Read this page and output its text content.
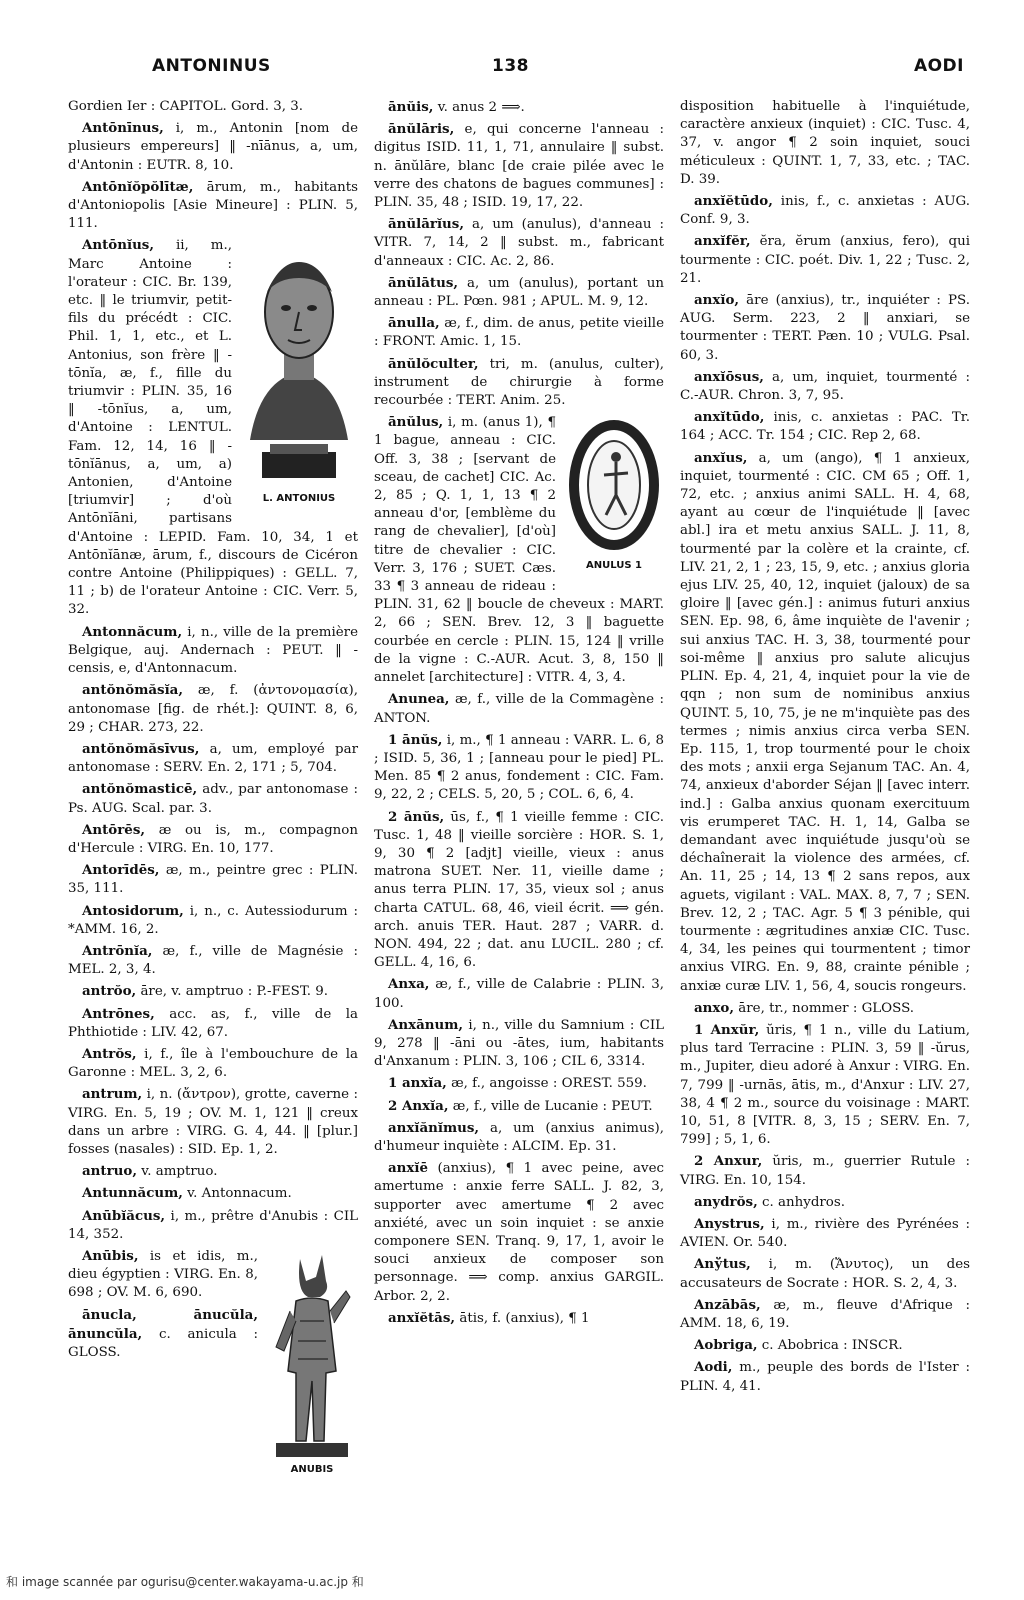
ANTONINUS	138	AODI

Gordien Ier : CAPITOL. Gord. 3, 3.

Antōnīnus, i, m., Antonin [nom de plusieurs empereurs] ‖ -nīānus, a, um, d'Antonin : EUTR. 8, 10.

Antōnĭŏpŏlītæ, ārum, m., habitants d'Antoniopolis [Asie Mineure] : PLIN. 5, 111.

L. ANTONIUS

Antōnĭus, ii, m., Marc Antoine : l'orateur : CIC. Br. 139, etc. ‖ le triumvir, petit-fils du précédt : CIC. Phil. 1, 1, etc., et L. Antonius, son frère ‖ -tōnĭa, æ, f., fille du triumvir : PLIN. 35, 16 ‖ -tōnĭus, a, um, d'Antoine : LENTUL. Fam. 12, 14, 16 ‖ -tōnĭānus, a, um, a) Antonien, d'Antoine [triumvir] ; d'où Antōnĭāni, partisans d'Antoine : LEPID. Fam. 10, 34, 1 et Antōnĭānæ, ārum, f., discours de Cicéron contre Antoine (Philippiques) : GELL. 7, 11 ; b) de l'orateur Antoine : CIC. Verr. 5, 32.

Antonnăcum, i, n., ville de la première Belgique, auj. Andernach : PEUT. ‖ -censis, e, d'Antonnacum.

antŏnŏmăsĭa, æ, f. (ἀντονομασία), antonomase [fig. de rhét.]: QUINT. 8, 6, 29 ; CHAR. 273, 22.

antŏnŏmăsīvus, a, um, employé par antonomase : SERV. En. 2, 171 ; 5, 704.

antŏnŏmasticē, adv., par antonomase : Ps. AUG. Scal. par. 3.

Antōrēs, æ ou is, m., compagnon d'Hercule : VIRG. En. 10, 177.

Antorīdēs, æ, m., peintre grec : PLIN. 35, 111.

Antosidorum, i, n., c. Autessiodurum : *AMM. 16, 2.

Antrōnĭa, æ, f., ville de Magnésie : MEL. 2, 3, 4.

antrŏo, āre, v. amptruo : P.-FEST. 9.

Antrōnes, acc. as, f., ville de la Phthiotide : LIV. 42, 67.

Antrŏs, i, f., île à l'embouchure de la Garonne : MEL. 3, 2, 6.

antrum, i, n. (ἄντρον), grotte, caverne : VIRG. En. 5, 19 ; OV. M. 1, 121 ‖ creux dans un arbre : VIRG. G. 4, 44. ‖ [plur.] fosses (nasales) : SID. Ep. 1, 2.

antruo, v. amptruo.

Antunnăcum, v. Antonnacum.

Anūbĭăcus, i, m., prêtre d'Anubis : CIL 14, 352.

ANUBIS

Anūbis, is et idis, m., dieu égyptien : VIRG. En. 8, 698 ; OV. M. 6, 690.

ānucla, ānucŭla, ānuncŭla, c. anicula : GLOSS.

ānŭis, v. anus 2 ⟹.

ānŭlāris, e, qui concerne l'anneau : digitus ISID. 11, 1, 71, annulaire ‖ subst. n. ānŭlāre, blanc [de craie pilée avec le verre des chatons de bagues communes] : PLIN. 35, 48 ; ISID. 19, 17, 22.

ānŭlārĭus, a, um (anulus), d'anneau : VITR. 7, 14, 2 ‖ subst. m., fabricant d'anneaux : CIC. Ac. 2, 86.

ānŭlātus, a, um (anulus), portant un anneau : PL. Pœn. 981 ; APUL. M. 9, 12.

ānulla, æ, f., dim. de anus, petite vieille : FRONT. Amic. 1, 15.

ānŭlŏculter, tri, m. (anulus, culter), instrument de chirurgie à forme recourbée : TERT. Anim. 25.

ANULUS 1

ānŭlus, i, m. (anus 1), ¶ 1 bague, anneau : CIC. Off. 3, 38 ; [servant de sceau, de cachet] CIC. Ac. 2, 85 ; Q. 1, 1, 13 ¶ 2 anneau d'or, [emblème du rang de chevalier], [d'où] titre de chevalier : CIC. Verr. 3, 176 ; SUET. Cæs. 33 ¶ 3 anneau de rideau : PLIN. 31, 62 ‖ boucle de cheveux : MART. 2, 66 ; SEN. Brev. 12, 3 ‖ baguette courbée en cercle : PLIN. 15, 124 ‖ vrille de la vigne : C.-AUR. Acut. 3, 8, 150 ‖ annelet [architecture] : VITR. 4, 3, 4.

Anunea, æ, f., ville de la Commagène : ANTON.

1 ānŭs, i, m., ¶ 1 anneau : VARR. L. 6, 8 ; ISID. 5, 36, 1 ; [anneau pour le pied] PL. Men. 85 ¶ 2 anus, fondement : CIC. Fam. 9, 22, 2 ; CELS. 5, 20, 5 ; COL. 6, 6, 4.

2 ānŭs, ūs, f., ¶ 1 vieille femme : CIC. Tusc. 1, 48 ‖ vieille sorcière : HOR. S. 1, 9, 30 ¶ 2 [adjt] vieille, vieux : anus matrona SUET. Ner. 11, vieille dame ; anus terra PLIN. 17, 35, vieux sol ; anus charta CATUL. 68, 46, vieil écrit. ⟹ gén. arch. anuis TER. Haut. 287 ; VARR. d. NON. 494, 22 ; dat. anu LUCIL. 280 ; cf. GELL. 4, 16, 6.

Anxa, æ, f., ville de Calabrie : PLIN. 3, 100.

Anxānum, i, n., ville du Samnium : CIL 9, 278 ‖ -āni ou -ātes, ium, habitants d'Anxanum : PLIN. 3, 106 ; CIL 6, 3314.

1 anxĭa, æ, f., angoisse : OREST. 559.

2 Anxĭa, æ, f., ville de Lucanie : PEUT.

anxĭănĭmus, a, um (anxius animus), d'humeur inquiète : ALCIM. Ep. 31.

anxĭē (anxius), ¶ 1 avec peine, avec amertume : anxie ferre SALL. J. 82, 3, supporter avec amertume ¶ 2 avec anxiété, avec un soin inquiet : se anxie componere SEN. Tranq. 9, 17, 1, avoir le souci anxieux de composer son personnage. ⟹ comp. anxius GARGIL. Arbor. 2, 2.

anxĭĕtās, ātis, f. (anxius), ¶ 1

disposition habituelle à l'inquiétude, caractère anxieux (inquiet) : CIC. Tusc. 4, 37, v. angor ¶ 2 soin inquiet, souci méticuleux : QUINT. 1, 7, 33, etc. ; TAC. D. 39.

anxĭĕtūdo, inis, f., c. anxietas : AUG. Conf. 9, 3.

anxĭfĕr, ĕra, ĕrum (anxius, fero), qui tourmente : CIC. poét. Div. 1, 22 ; Tusc. 2, 21.

anxĭo, āre (anxius), tr., inquiéter : PS. AUG. Serm. 223, 2 ‖ anxiari, se tourmenter : TERT. Pæn. 10 ; VULG. Psal. 60, 3.

anxĭōsus, a, um, inquiet, tourmenté : C.-AUR. Chron. 3, 7, 95.

anxĭtūdo, inis, c. anxietas : PAC. Tr. 164 ; ACC. Tr. 154 ; CIC. Rep 2, 68.

anxĭus, a, um (ango), ¶ 1 anxieux, inquiet, tourmenté : CIC. CM 65 ; Off. 1, 72, etc. ; anxius animi SALL. H. 4, 68, ayant au cœur de l'inquiétude ‖ [avec abl.] ira et metu anxius SALL. J. 11, 8, tourmenté par la colère et la crainte, cf. LIV. 21, 2, 1 ; 23, 15, 9, etc. ; anxius gloria ejus LIV. 25, 40, 12, inquiet (jaloux) de sa gloire ‖ [avec gén.] : animus futuri anxius SEN. Ep. 98, 6, âme inquiète de l'avenir ; sui anxius TAC. H. 3, 38, tourmenté pour soi-même ‖ anxius pro salute alicujus PLIN. Ep. 4, 21, 4, inquiet pour la vie de qqn ; non sum de nominibus anxius QUINT. 5, 10, 75, je ne m'inquiète pas des termes ; nimis anxius circa verba SEN. Ep. 115, 1, trop tourmenté pour le choix des mots ; anxii erga Sejanum TAC. An. 4, 74, anxieux d'aborder Séjan ‖ [avec interr. ind.] : Galba anxius quonam exercituum vis erumperet TAC. H. 1, 14, Galba se demandant avec inquiétude jusqu'où se déchaînerait la violence des armées, cf. An. 11, 25 ; 14, 13 ¶ 2 sans repos, aux aguets, vigilant : VAL. MAX. 8, 7, 7 ; SEN. Brev. 12, 2 ; TAC. Agr. 5 ¶ 3 pénible, qui tourmente : ægritudines anxiæ CIC. Tusc. 4, 34, les peines qui tourmentent ; timor anxius VIRG. En. 9, 88, crainte pénible ; anxiæ curæ LIV. 1, 56, 4, soucis rongeurs.

anxo, āre, tr., nommer : GLOSS.

1 Anxŭr, ŭris, ¶ 1 n., ville du Latium, plus tard Terracine : PLIN. 3, 59 ‖ -ŭrus, m., Jupiter, dieu adoré à Anxur : VIRG. En. 7, 799 ‖ -urnās, ātis, m., d'Anxur : LIV. 27, 38, 4 ¶ 2 m., source du voisinage : MART. 10, 51, 8 [VITR. 8, 3, 15 ; SERV. En. 7, 799] ; 5, 1, 6.

2 Anxur, ŭris, m., guerrier Rutule : VIRG. En. 10, 154.

anydrŏs, c. anhydros.

Anystrus, i, m., rivière des Pyrénées : AVIEN. Or. 540.

Anўtus, i, m. (Ἄνυτος), un des accusateurs de Socrate : HOR. S. 2, 4, 3.

Anzābās, æ, m., fleuve d'Afrique : AMM. 18, 6, 19.

Aobriga, c. Abobrica : INSCR.

Aodi, m., peuple des bords de l'Ister : PLIN. 4, 41.

和 image scannée par ogurisu@center.wakayama-u.ac.jp 和
